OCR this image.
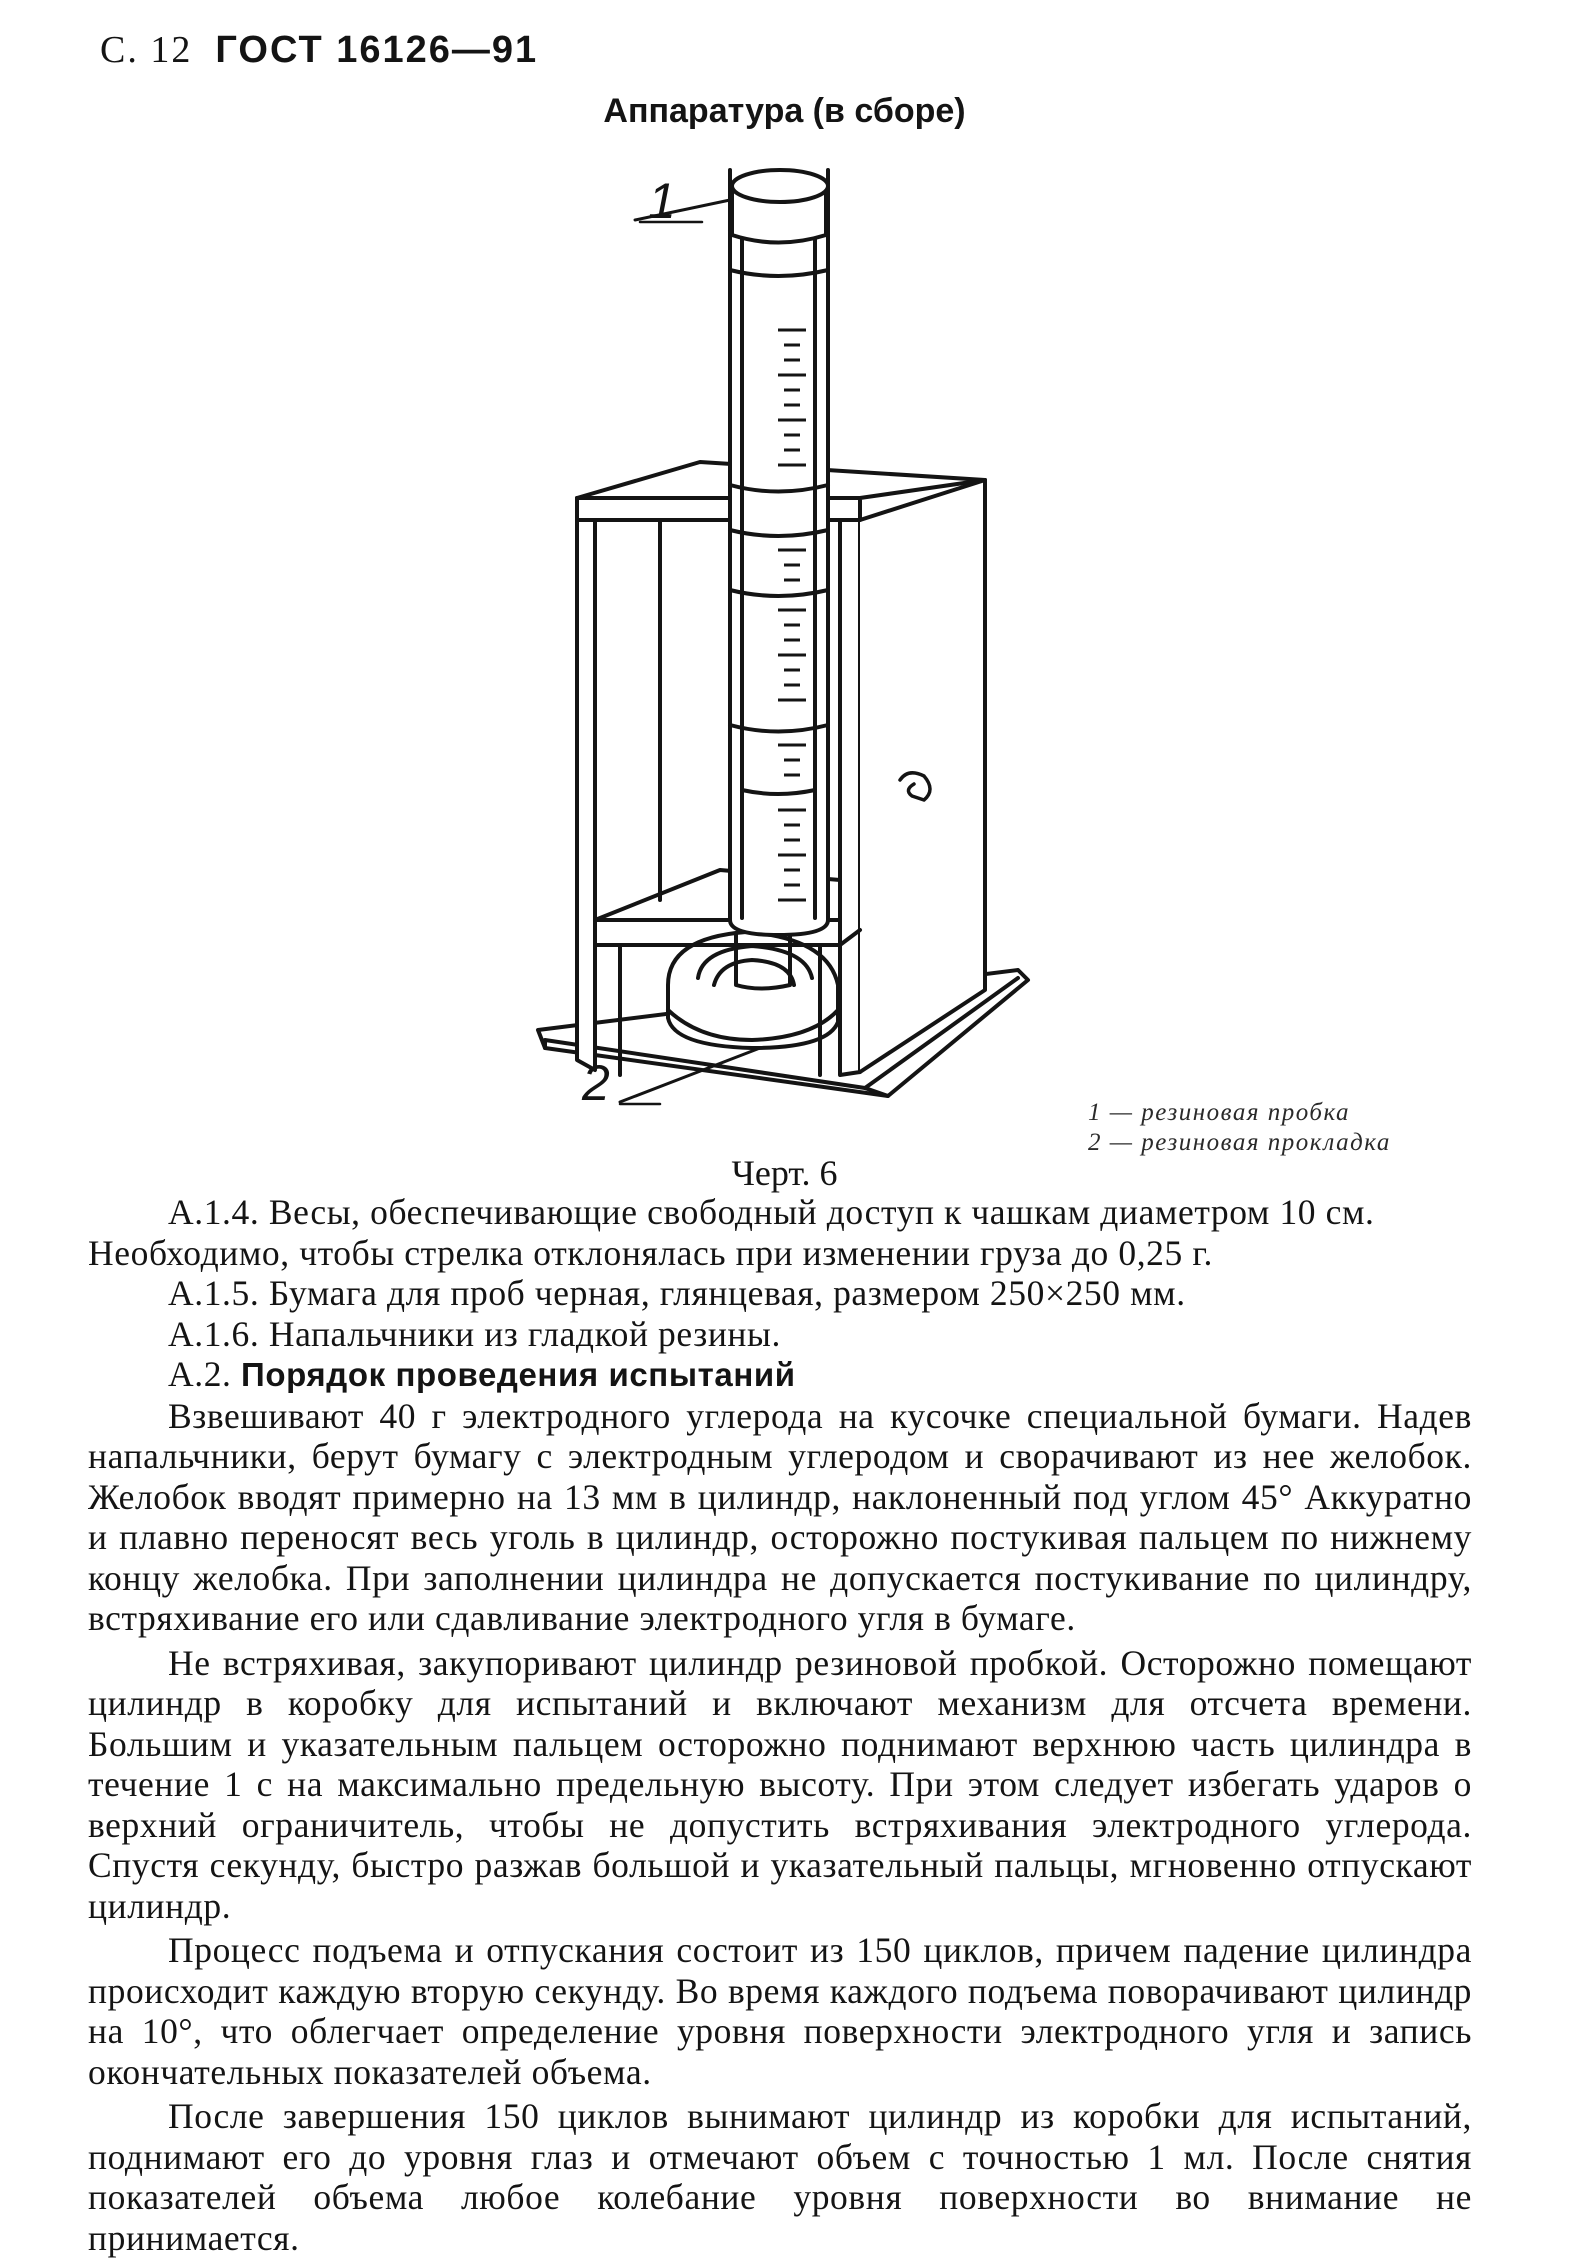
С. 12 ГОСТ 16126—91
Аппаратура (в сборе)
1
2
1 — резиновая пробка
2 — резиновая прокладка
Черт. 6

А.1.4. Весы, обеспечивающие свободный доступ к чашкам диаметром 10 см.

Необходимо, чтобы стрелка отклонялась при изменении груза до 0,25 г.

А.1.5. Бумага для проб черная, глянцевая, размером 250×250 мм.

А.1.6. Напальчники из гладкой резины.

А.2. Порядок проведения испытаний

Взвешивают 40 г электродного углерода на кусочке специальной бумаги. Надев напальчники, берут бумагу с электродным углеродом и сворачивают из нее желобок. Желобок вводят примерно на 13 мм в цилиндр, наклоненный под углом 45° Аккуратно и плавно переносят весь уголь в цилиндр, осторожно постукивая пальцем по нижнему концу желобка. При заполнении цилиндра не допускается постукивание по цилиндру, встряхивание его или сдавливание электродного угля в бумаге.

Не встряхивая, закупоривают цилиндр резиновой пробкой. Осторожно помещают цилиндр в коробку для испытаний и включают механизм для отсчета времени. Большим и указательным пальцем осторожно поднимают верхнюю часть цилиндра в течение 1 с на максимально предельную высоту. При этом следует избегать ударов о верхний ограничитель, чтобы не допустить встряхивания электродного углерода. Спустя секунду, быстро разжав большой и указательный пальцы, мгновенно отпускают цилиндр.

Процесс подъема и отпускания состоит из 150 циклов, причем падение цилиндра происходит каждую вторую секунду. Во время каждого подъема поворачивают цилиндр на 10°, что облегчает определение уровня поверхности электродного угля и запись окончательных показателей объема.

После завершения 150 циклов вынимают цилиндр из коробки для испытаний, поднимают его до уровня глаз и отмечают объем с точностью 1 мл. После снятия показателей объема любое колебание уровня поверхности во внимание не принимается.
